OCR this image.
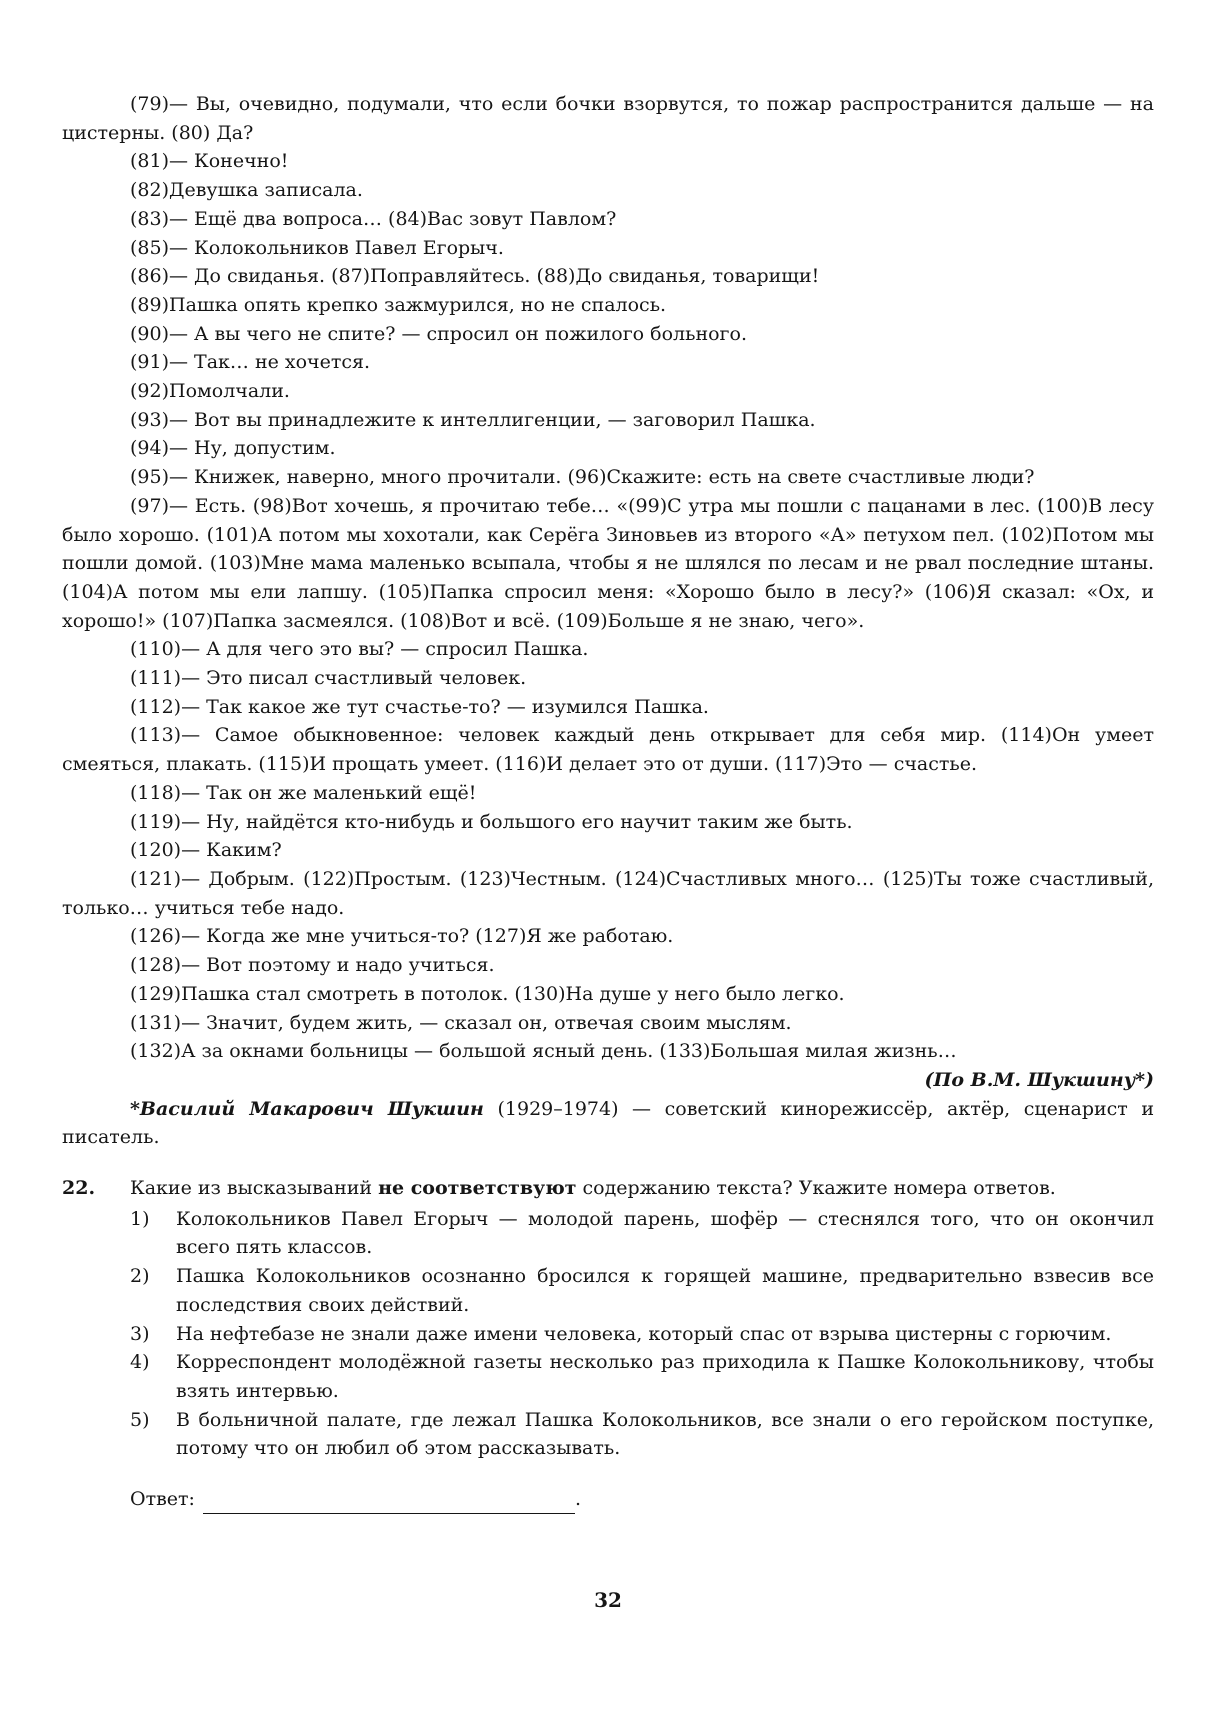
(79)— Вы, очевидно, подумали, что если бочки взорвутся, то пожар распространится дальше — на цистерны. (80) Да?

(81)— Конечно!

(82)Девушка записала.

(83)— Ещё два вопроса… (84)Вас зовут Павлом?

(85)— Колокольников Павел Егорыч.

(86)— До свиданья. (87)Поправляйтесь. (88)До свиданья, товарищи!

(89)Пашка опять крепко зажмурился, но не спалось.

(90)— А вы чего не спите? — спросил он пожилого больного.

(91)— Так… не хочется.

(92)Помолчали.

(93)— Вот вы принадлежите к интеллигенции, — заговорил Пашка.

(94)— Ну, допустим.

(95)— Книжек, наверно, много прочитали. (96)Скажите: есть на свете счастливые люди?

(97)— Есть. (98)Вот хочешь, я прочитаю тебе… «(99)С утра мы пошли с пацанами в лес. (100)В лесу было хорошо. (101)А потом мы хохотали, как Серёга Зиновьев из второго «А» петухом пел. (102)Потом мы пошли домой. (103)Мне мама маленько всыпала, чтобы я не шлялся по лесам и не рвал последние штаны. (104)А потом мы ели лапшу. (105)Папка спросил меня: «Хорошо было в лесу?» (106)Я сказал: «Ох, и хорошо!» (107)Папка засмеялся. (108)Вот и всё. (109)Больше я не знаю, чего».

(110)— А для чего это вы? — спросил Пашка.

(111)— Это писал счастливый человек.

(112)— Так какое же тут счастье-то? — изумился Пашка.

(113)— Самое обыкновенное: человек каждый день открывает для себя мир. (114)Он умеет смеяться, плакать. (115)И прощать умеет. (116)И делает это от души. (117)Это — счастье.

(118)— Так он же маленький ещё!

(119)— Ну, найдётся кто-нибудь и большого его научит таким же быть.

(120)— Каким?

(121)— Добрым. (122)Простым. (123)Честным. (124)Счастливых много… (125)Ты тоже счастливый, только… учиться тебе надо.

(126)— Когда же мне учиться-то? (127)Я же работаю.

(128)— Вот поэтому и надо учиться.

(129)Пашка стал смотреть в потолок. (130)На душе у него было легко.

(131)— Значит, будем жить, — сказал он, отвечая своим мыслям.

(132)А за окнами больницы — большой ясный день. (133)Большая милая жизнь…

(По В.М. Шукшину*)

*Василий Макарович Шукшин (1929–1974) — советский кинорежиссёр, актёр, сценарист и писатель.

22. Какие из высказываний не соответствуют содержанию текста? Укажите номера ответов.

1) Колокольников Павел Егорыч — молодой парень, шофёр — стеснялся того, что он окончил всего пять классов.
2) Пашка Колокольников осознанно бросился к горящей машине, предварительно взвесив все последствия своих действий.
3) На нефтебазе не знали даже имени человека, который спас от взрыва цистерны с горючим.
4) Корреспондент молодёжной газеты несколько раз приходила к Пашке Колокольникову, чтобы взять интервью.
5) В больничной палате, где лежал Пашка Колокольников, все знали о его геройском поступке, потому что он любил об этом рассказывать.
Ответ:	.
32
